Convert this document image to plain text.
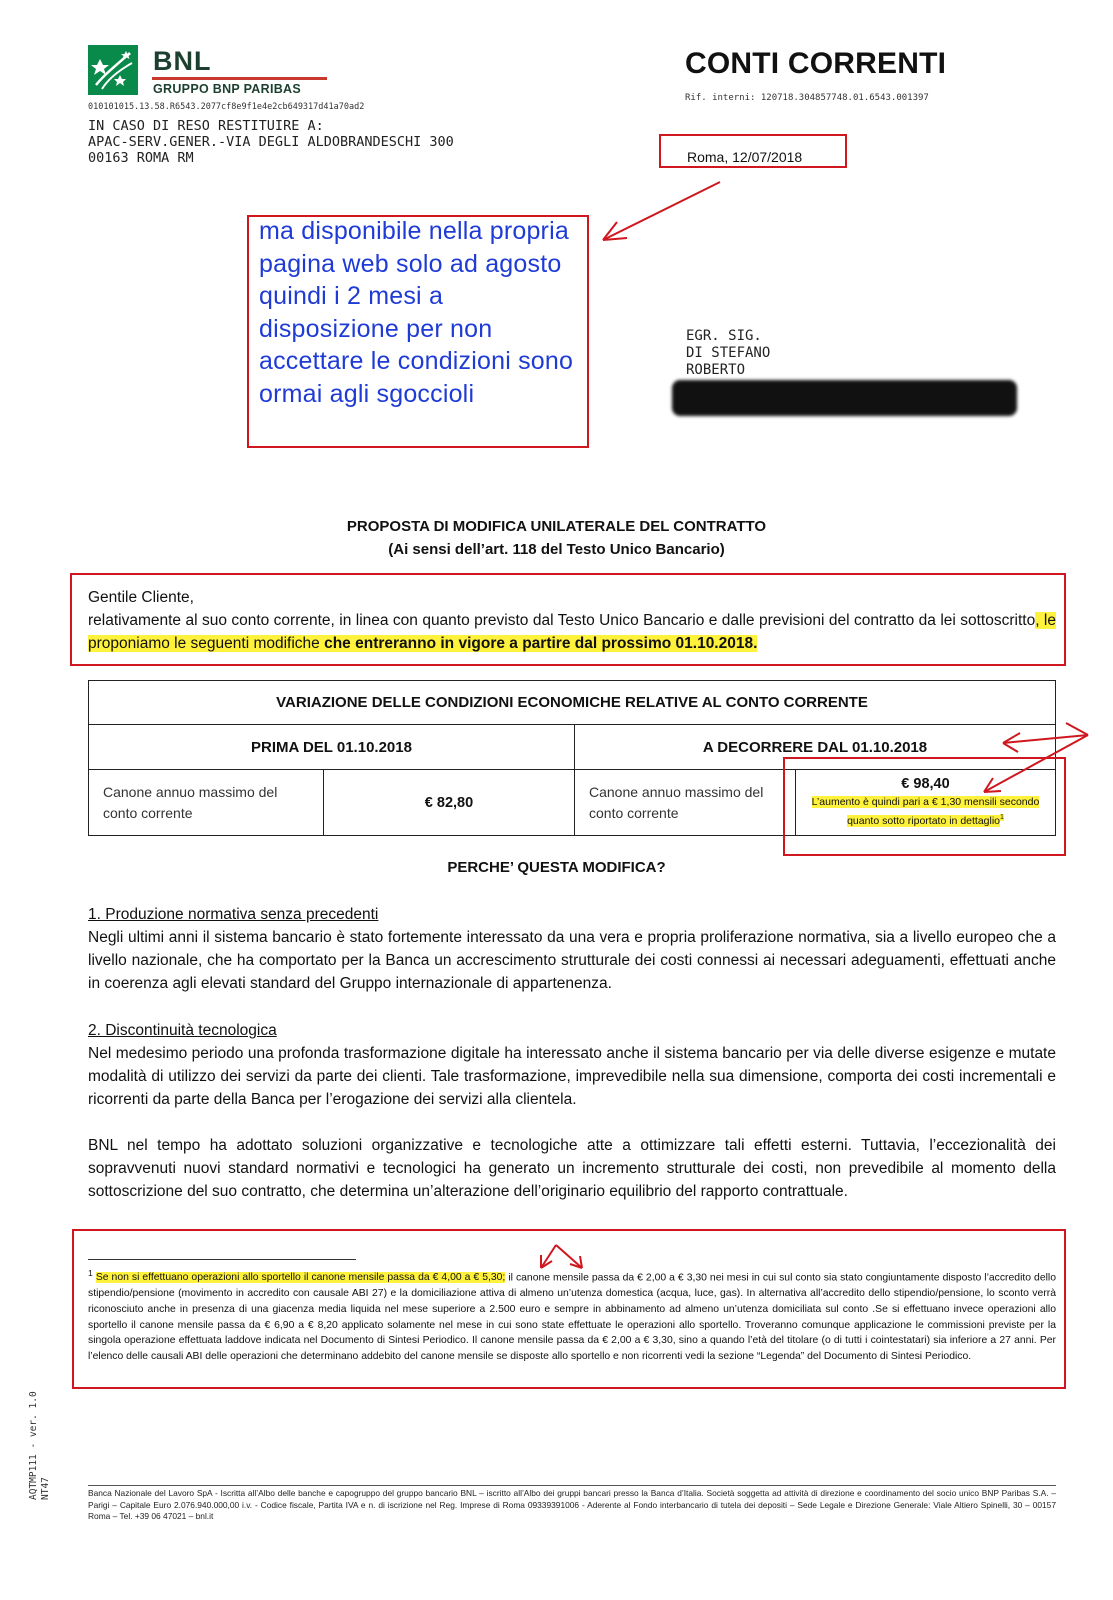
BNL
GRUPPO BNP PARIBAS
010101015.13.58.R6543.2077cf8e9f1e4e2cb649317d41a70ad2
IN CASO DI RESO RESTITUIRE A:
APAC-SERV.GENER.-VIA DEGLI ALDOBRANDESCHI 300
00163 ROMA RM
CONTI CORRENTI
Rif. interni: 120718.304857748.01.6543.001397
Roma, 12/07/2018
ma disponibile nella propria pagina web solo ad agosto quindi i 2 mesi a disposizione per non accettare le condizioni sono ormai agli sgoccioli
EGR. SIG.
DI STEFANO
ROBERTO
PROPOSTA DI MODIFICA UNILATERALE DEL CONTRATTO
(Ai sensi dell’art. 118 del Testo Unico Bancario)
Gentile Cliente,
relativamente al suo conto corrente, in linea con quanto previsto dal Testo Unico Bancario e dalle previsioni del contratto da lei sottoscritto, le proponiamo le seguenti modifiche che entreranno in vigore a partire dal prossimo 01.10.2018.
VARIAZIONE DELLE CONDIZIONI ECONOMICHE RELATIVE AL CONTO CORRENTE			
PRIMA DEL 01.10.2018		A DECORRERE DAL 01.10.2018	
Canone annuo massimo del conto corrente	€ 82,80	Canone annuo massimo del conto corrente	€ 98,40
L’aumento è quindi pari a € 1,30 mensili secondo quanto sotto riportato in dettaglio$^1$
PERCHE’ QUESTA MODIFICA?
1. Produzione normativa senza precedenti
Negli ultimi anni il sistema bancario è stato fortemente interessato da una vera e propria proliferazione normativa, sia a livello europeo che a livello nazionale, che ha comportato per la Banca un accrescimento strutturale dei costi connessi ai necessari adeguamenti, effettuati anche in coerenza agli elevati standard del Gruppo internazionale di appartenenza.
2. Discontinuità tecnologica
Nel medesimo periodo una profonda trasformazione digitale ha interessato anche il sistema bancario per via delle diverse esigenze e mutate modalità di utilizzo dei servizi da parte dei clienti. Tale trasformazione, imprevedibile nella sua dimensione, comporta dei costi incrementali e ricorrenti da parte della Banca per l’erogazione dei servizi alla clientela.
BNL nel tempo ha adottato soluzioni organizzative e tecnologiche atte a ottimizzare tali effetti esterni. Tuttavia, l’eccezionalità dei sopravvenuti nuovi standard normativi e tecnologici ha generato un incremento strutturale dei costi, non prevedibile al momento della sottoscrizione del suo contratto, che determina un’alterazione dell’originario equilibrio del rapporto contrattuale.
$^1$ Se non si effettuano operazioni allo sportello il canone mensile passa da € 4,00 a € 5,30; il canone mensile passa da € 2,00 a € 3,30 nei mesi in cui sul conto sia stato congiuntamente disposto l’accredito dello stipendio/pensione (movimento in accredito con causale ABI 27) e la domiciliazione attiva di almeno un’utenza domestica (acqua, luce, gas). In alternativa all’accredito dello stipendio/pensione, lo sconto verrà riconosciuto anche in presenza di una giacenza media liquida nel mese superiore a 2.500 euro e sempre in abbinamento ad almeno un’utenza domiciliata sul conto .Se si effettuano invece operazioni allo sportello il canone mensile passa da € 6,90 a € 8,20 applicato solamente nel mese in cui sono state effettuate le operazioni allo sportello. Troveranno comunque applicazione le commissioni previste per la singola operazione effettuata laddove indicata nel Documento di Sintesi Periodico. Il canone mensile passa da € 2,00 a € 3,30, sino a quando l’età del titolare (o di tutti i cointestatari) sia inferiore a 27 anni. Per l’elenco delle causali ABI delle operazioni che determinano addebito del canone mensile se disposte allo sportello e non ricorrenti vedi la sezione “Legenda” del Documento di Sintesi Periodico.
AQTMP111 - ver. 1.0 NT47	Banca Nazionale del Lavoro SpA - Iscritta all’Albo delle banche e capogruppo del gruppo bancario BNL – iscritto all’Albo dei gruppi bancari presso la Banca d’Italia. Società soggetta ad attività di direzione e coordinamento del socio unico BNP Paribas S.A. – Parigi – Capitale Euro 2.076.940.000,00 i.v. - Codice fiscale, Partita IVA e n. di iscrizione nel Reg. Imprese di Roma 09339391006 - Aderente al Fondo interbancario di tutela dei depositi – Sede Legale e Direzione Generale: Viale Altiero Spinelli, 30 – 00157 Roma – Tel. +39 06 47021 – bnl.it
